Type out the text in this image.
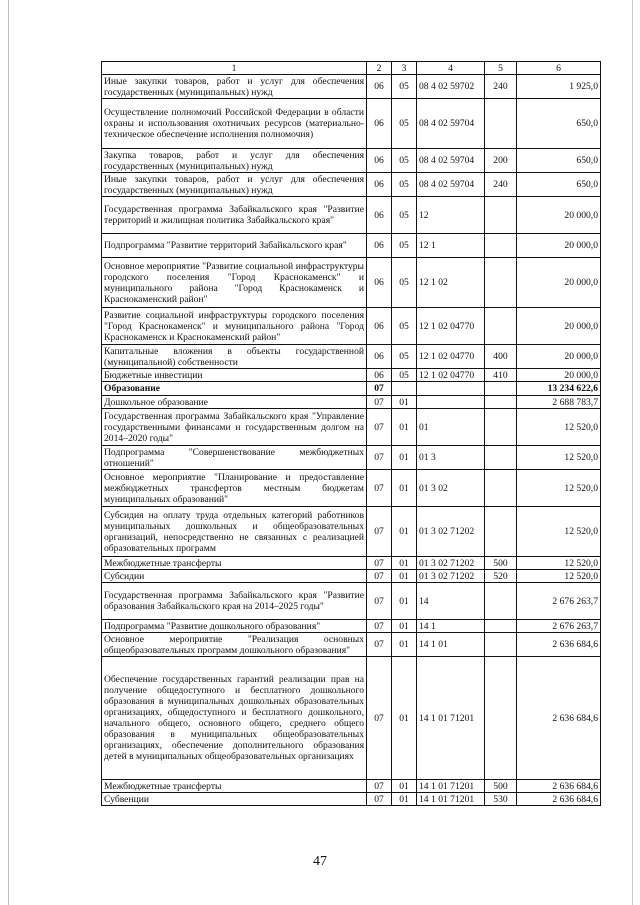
1	2	3	4	5	6
Иные закупки товаров, работ и услуг для обеспечения государственных (муниципальных) нужд	06	05	08 4 02 59702	240	1 925,0
Осуществление полномочий Российской Федерации в области охраны и использования охотничьих ресурсов (материально-техническое обеспечение исполнения полномочия)	06	05	08 4 02 59704		650,0
Закупка товаров, работ и услуг для обеспечения государственных (муниципальных) нужд	06	05	08 4 02 59704	200	650,0
Иные закупки товаров, работ и услуг для обеспечения государственных (муниципальных) нужд	06	05	08 4 02 59704	240	650,0
Государственная программа Забайкальского края "Развитие территорий и жилищная политика Забайкальского края"	06	05	12		20 000,0
Подпрограмма "Развитие территорий Забайкальского края"	06	05	12 1		20 000,0
Основное мероприятие "Развитие социальной инфраструктуры городского поселения "Город Краснокаменск" и муниципального района "Город Краснокаменск и Краснокаменский район"	06	05	12 1 02		20 000,0
Развитие социальной инфраструктуры городского поселения "Город Краснокаменск" и муниципального района "Город Краснокаменск и Краснокаменский район"	06	05	12 1 02 04770		20 000,0
Капитальные вложения в объекты государственной (муниципальной) собственности	06	05	12 1 02 04770	400	20 000,0
Бюджетные инвестиции	06	05	12 1 02 04770	410	20 000,0
Образование	07				13 234 622,6
Дошкольное образование	07	01			2 688 783,7
Государственная программа Забайкальского края "Управление государственными финансами и государственным долгом на 2014–2020 годы"	07	01	01		12 520,0
Подпрограмма "Совершенствование межбюджетных отношений"	07	01	01 3		12 520,0
Основное мероприятие "Планирование и предоставление межбюджетных трансфертов местным бюджетам муниципальных образований"	07	01	01 3 02		12 520,0
Субсидия на оплату труда отдельных категорий работников муниципальных дошкольных и общеобразовательных организаций, непосредственно не связанных с реализацией образовательных программ	07	01	01 3 02 71202		12 520,0
Межбюджетные трансферты	07	01	01 3 02 71202	500	12 520,0
Субсидии	07	01	01 3 02 71202	520	12 520,0
Государственная программа Забайкальского края "Развитие образования Забайкальского края на 2014–2025 годы"	07	01	14		2 676 263,7
Подпрограмма "Развитие дошкольного образования"	07	01	14 1		2 676 263,7
Основное мероприятие "Реализация основных общеобразовательных программ дошкольного образования"	07	01	14 1 01		2 636 684,6
Обеспечение государственных гарантий реализации прав на получение общедоступного и бесплатного дошкольного образования в муниципальных дошкольных образовательных организациях, общедоступного и бесплатного дошкольного, начального общего, основного общего, среднего общего образования в муниципальных общеобразовательных организациях, обеспечение дополнительного образования детей в муниципальных общеобразовательных организациях	07	01	14 1 01 71201		2 636 684,6
Межбюджетные трансферты	07	01	14 1 01 71201	500	2 636 684,6
Субвенции	07	01	14 1 01 71201	530	2 636 684,6
47
